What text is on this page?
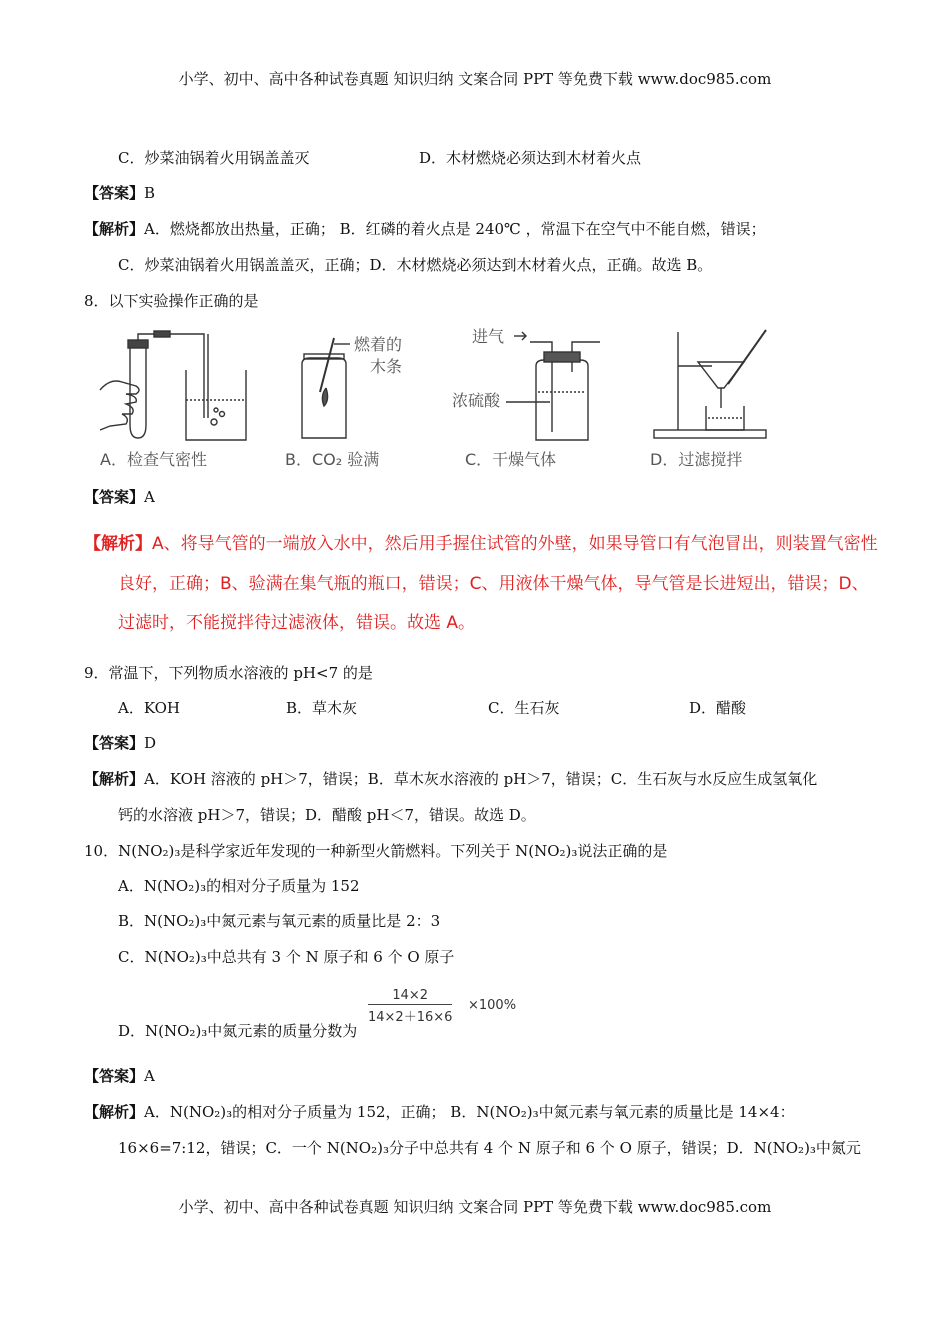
小学、初中、高中各种试卷真题 知识归纳 文案合同 PPT 等免费下载 www.doc985.com
C．炒菜油锅着火用锅盖盖灭	D．木材燃烧必须达到木材着火点
【答案】B
【解析】A．燃烧都放出热量，正确； B．红磷的着火点是 240℃ ，常温下在空气中不能自燃，错误；
C．炒菜油锅着火用锅盖盖灭，正确；D．木材燃烧必须达到木材着火点，正确。故选 B。
8．以下实验操作正确的是
A．检查气密性
燃着的
木条
B．CO₂ 验满
进气
浓硫酸
C．干燥气体	D．过滤搅拌
【答案】A
【解析】A、将导气管的一端放入水中，然后用手握住试管的外壁，如果导管口有气泡冒出，则装置气密性
良好，正确；B、验满在集气瓶的瓶口，错误；C、用液体干燥气体，导气管是长进短出，错误；D、
过滤时，不能搅拌待过滤液体，错误。故选 A。
9．常温下，下列物质水溶液的 pH<7 的是
A．KOH	B．草木灰	C．生石灰	D．醋酸
【答案】D
【解析】A．KOH 溶液的 pH＞7，错误；B．草木灰水溶液的 pH＞7，错误；C．生石灰与水反应生成氢氧化
钙的水溶液 pH＞7，错误；D．醋酸 pH＜7，错误。故选 D。
10．N(NO₂)₃是科学家近年发现的一种新型火箭燃料。下列关于 N(NO₂)₃说法正确的是
A．N(NO₂)₃的相对分子质量为 152
B．N(NO₂)₃中氮元素与氧元素的质量比是 2：3
C．N(NO₂)₃中总共有 3 个 N 原子和 6 个 O 原子
D．N(NO₂)₃中氮元素的质量分数为
$\frac{14\times 2}{14\times 2+16\times 6} \times 100\%$
【答案】A
【解析】A．N(NO₂)₃的相对分子质量为 152，正确； B．N(NO₂)₃中氮元素与氧元素的质量比是 14×4：
16×6=7:12，错误；C．一个 N(NO₂)₃分子中总共有 4 个 N 原子和 6 个 O 原子，错误；D．N(NO₂)₃中氮元
小学、初中、高中各种试卷真题 知识归纳 文案合同 PPT 等免费下载 www.doc985.com
